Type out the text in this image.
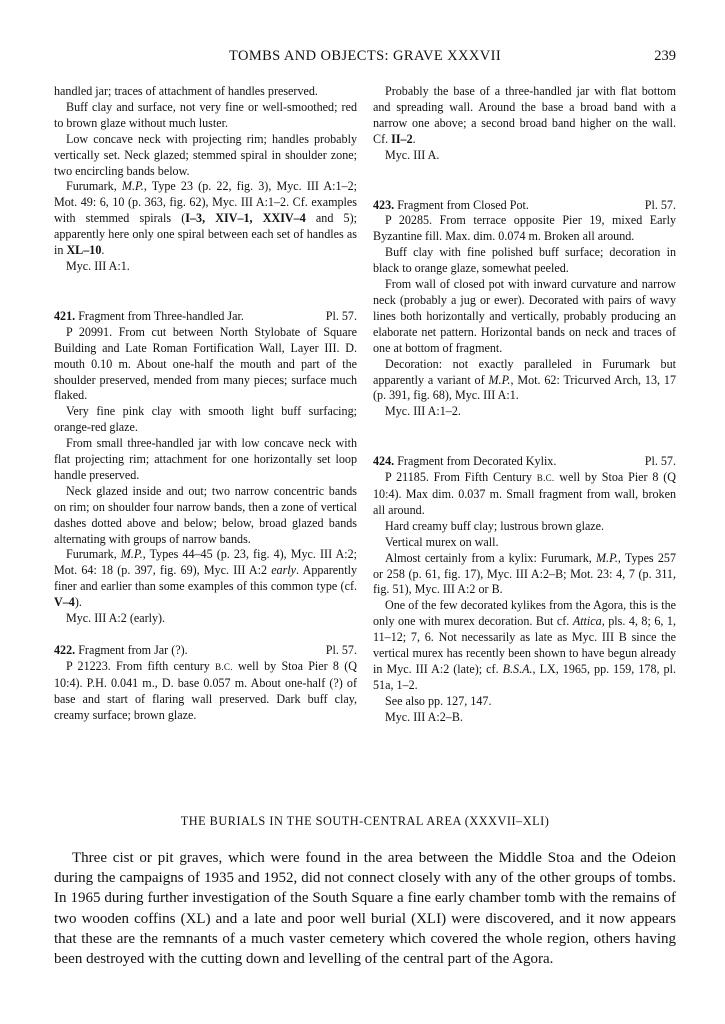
TOMBS AND OBJECTS: GRAVE XXXVII	239

handled jar; traces of attachment of handles preserved.

Buff clay and surface, not very fine or well-smoothed; red to brown glaze without much luster.

Low concave neck with projecting rim; handles probably vertically set. Neck glazed; stemmed spiral in shoulder zone; two encircling bands below.

Furumark, M.P., Type 23 (p. 22, fig. 3), Myc. III A:1–2; Mot. 49: 6, 10 (p. 363, fig. 62), Myc. III A:1–2. Cf. examples with stemmed spirals (I–3, XIV–1, XXIV–4 and 5); apparently here only one spiral between each set of handles as in XL–10.

Myc. III A:1.

421. Fragment from Three-handled Jar.	Pl. 57.

P 20991. From cut between North Stylobate of Square Building and Late Roman Fortification Wall, Layer III. D. mouth 0.10 m. About one-half the mouth and part of the shoulder preserved, mended from many pieces; surface much flaked.

Very fine pink clay with smooth light buff surfacing; orange-red glaze.

From small three-handled jar with low concave neck with flat projecting rim; attachment for one horizontally set loop handle preserved.

Neck glazed inside and out; two narrow concentric bands on rim; on shoulder four narrow bands, then a zone of vertical dashes dotted above and below; below, broad glazed bands alternating with groups of narrow bands.

Furumark, M.P., Types 44–45 (p. 23, fig. 4), Myc. III A:2; Mot. 64: 18 (p. 397, fig. 69), Myc. III A:2 early. Apparently finer and earlier than some examples of this common type (cf. V–4).

Myc. III A:2 (early).

422. Fragment from Jar (?).	Pl. 57.

P 21223. From fifth century B.C. well by Stoa Pier 8 (Q 10:4). P.H. 0.041 m., D. base 0.057 m. About one-half (?) of base and start of flaring wall preserved. Dark buff clay, creamy surface; brown glaze.

Probably the base of a three-handled jar with flat bottom and spreading wall. Around the base a broad band with a narrow one above; a second broad band higher on the wall. Cf. II–2.

Myc. III A.

423. Fragment from Closed Pot.	Pl. 57.

P 20285. From terrace opposite Pier 19, mixed Early Byzantine fill. Max. dim. 0.074 m. Broken all around.

Buff clay with fine polished buff surface; decoration in black to orange glaze, somewhat peeled.

From wall of closed pot with inward curvature and narrow neck (probably a jug or ewer). Decorated with pairs of wavy lines both horizontally and vertically, probably producing an elaborate net pattern. Horizontal bands on neck and traces of one at bottom of fragment.

Decoration: not exactly paralleled in Furumark but apparently a variant of M.P., Mot. 62: Tricurved Arch, 13, 17 (p. 391, fig. 68), Myc. III A:1.

Myc. III A:1–2.

424. Fragment from Decorated Kylix.	Pl. 57.

P 21185. From Fifth Century B.C. well by Stoa Pier 8 (Q 10:4). Max dim. 0.037 m. Small fragment from wall, broken all around.

Hard creamy buff clay; lustrous brown glaze.

Vertical murex on wall.

Almost certainly from a kylix: Furumark, M.P., Types 257 or 258 (p. 61, fig. 17), Myc. III A:2–B; Mot. 23: 4, 7 (p. 311, fig. 51), Myc. III A:2 or B.

One of the few decorated kylikes from the Agora, this is the only one with murex decoration. But cf. Attica, pls. 4, 8; 6, 1, 11–12; 7, 6. Not necessarily as late as Myc. III B since the vertical murex has recently been shown to have begun already in Myc. III A:2 (late); cf. B.S.A., LX, 1965, pp. 159, 178, pl. 51a, 1–2.

See also pp. 127, 147.

Myc. III A:2–B.

THE BURIALS IN THE SOUTH-CENTRAL AREA (XXXVII–XLI)

Three cist or pit graves, which were found in the area between the Middle Stoa and the Odeion during the campaigns of 1935 and 1952, did not connect closely with any of the other groups of tombs. In 1965 during further investigation of the South Square a fine early chamber tomb with the remains of two wooden coffins (XL) and a late and poor well burial (XLI) were discovered, and it now appears that these are the remnants of a much vaster cemetery which covered the whole region, others having been destroyed with the cutting down and levelling of the central part of the Agora.
